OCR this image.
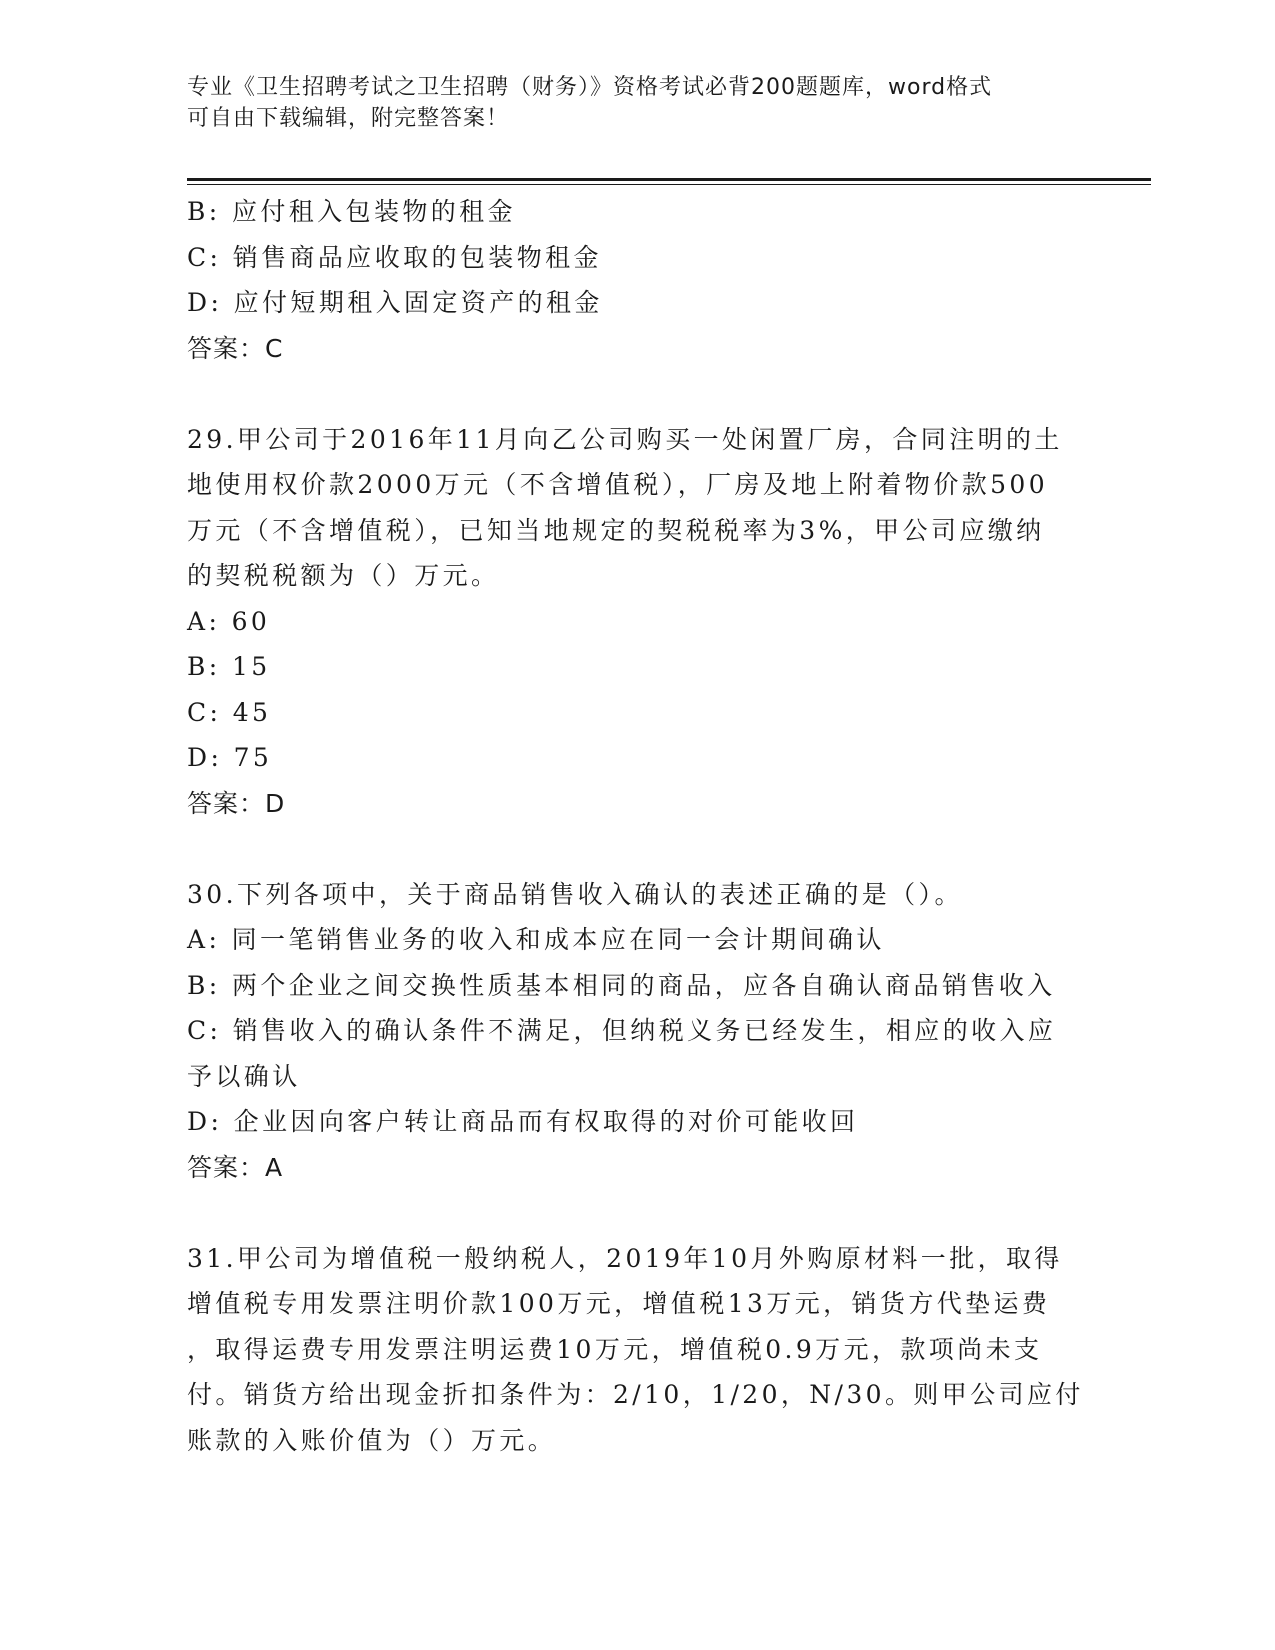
专业《卫生招聘考试之卫生招聘（财务）》资格考试必背200题题库，word格式
可自由下载编辑，附完整答案！
B: 应付租入包装物的租金
C: 销售商品应收取的包装物租金
D: 应付短期租入固定资产的租金
答案：C
29.甲公司于2016年11月向乙公司购买一处闲置厂房，合同注明的土
地使用权价款2000万元（不含增值税），厂房及地上附着物价款500
万元（不含增值税），已知当地规定的契税税率为3%，甲公司应缴纳
的契税税额为（）万元。
A: 60
B: 15
C: 45
D: 75
答案：D
30.下列各项中，关于商品销售收入确认的表述正确的是（）。
A: 同一笔销售业务的收入和成本应在同一会计期间确认
B: 两个企业之间交换性质基本相同的商品，应各自确认商品销售收入
C: 销售收入的确认条件不满足，但纳税义务已经发生，相应的收入应
予以确认
D: 企业因向客户转让商品而有权取得的对价可能收回
答案：A
31.甲公司为增值税一般纳税人，2019年10月外购原材料一批，取得
增值税专用发票注明价款100万元，增值税13万元，销货方代垫运费
，取得运费专用发票注明运费10万元，增值税0.9万元，款项尚未支
付。销货方给出现金折扣条件为：2/10，1/20，N/30。则甲公司应付
账款的入账价值为（）万元。
